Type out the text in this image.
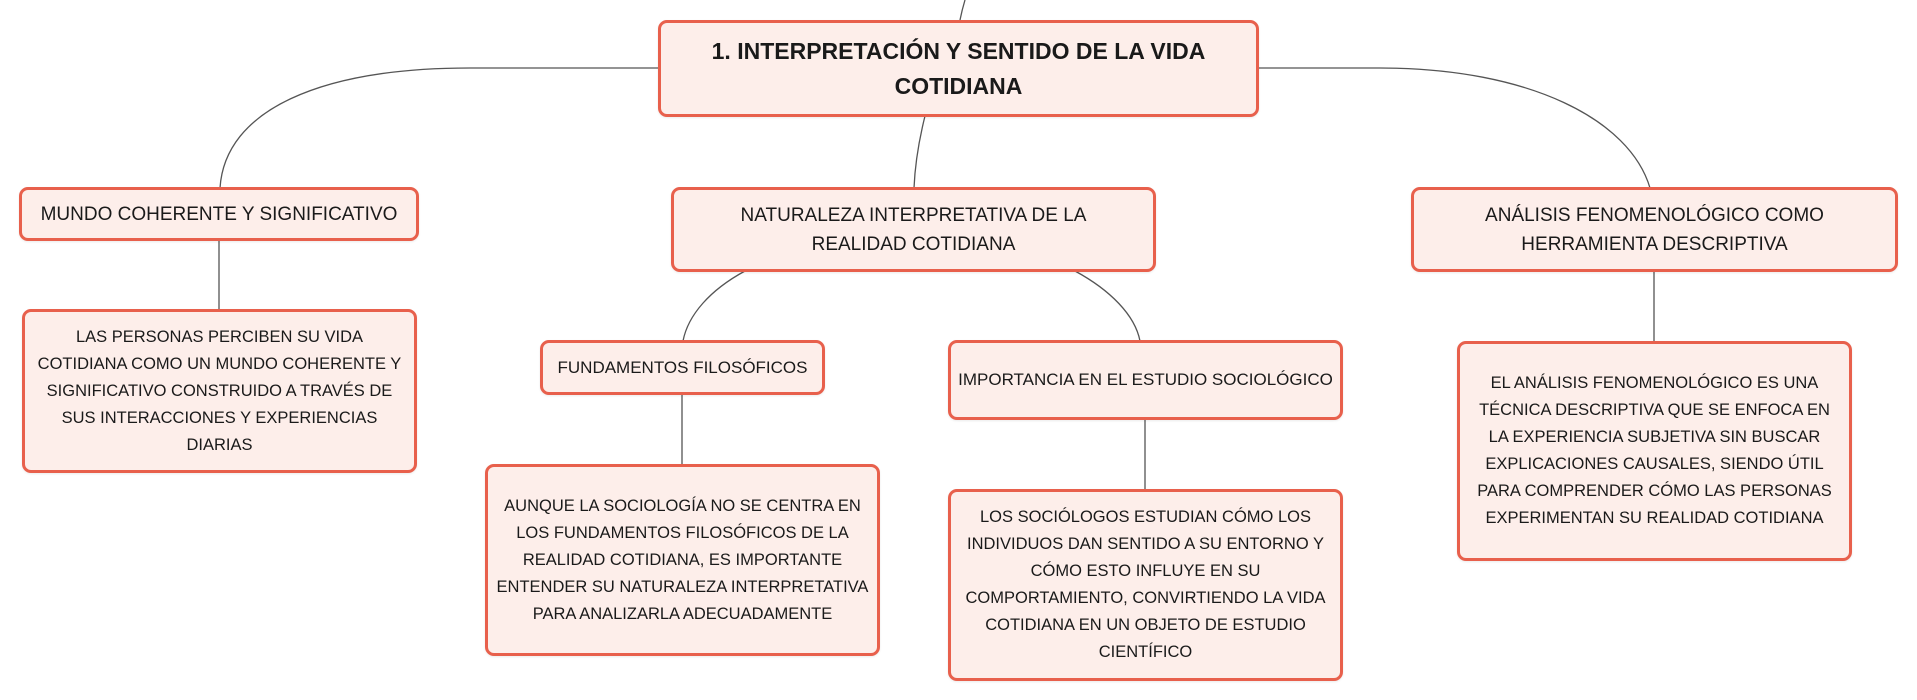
1. INTERPRETACIÓN Y SENTIDO DE LA VIDA COTIDIANA
MUNDO COHERENTE Y SIGNIFICATIVO
LAS PERSONAS PERCIBEN SU VIDA COTIDIANA COMO UN MUNDO COHERENTE Y SIGNIFICATIVO CONSTRUIDO A TRAVÉS DE SUS INTERACCIONES Y EXPERIENCIAS DIARIAS
NATURALEZA INTERPRETATIVA DE LA REALIDAD COTIDIANA
FUNDAMENTOS FILOSÓFICOS
AUNQUE LA SOCIOLOGÍA NO SE CENTRA EN LOS FUNDAMENTOS FILOSÓFICOS DE LA REALIDAD COTIDIANA, ES IMPORTANTE ENTENDER SU NATURALEZA INTERPRETATIVA PARA ANALIZARLA ADECUADAMENTE
IMPORTANCIA EN EL ESTUDIO SOCIOLÓGICO
LOS SOCIÓLOGOS ESTUDIAN CÓMO LOS INDIVIDUOS DAN SENTIDO A SU ENTORNO Y CÓMO ESTO INFLUYE EN SU COMPORTAMIENTO, CONVIRTIENDO LA VIDA COTIDIANA EN UN OBJETO DE ESTUDIO CIENTÍFICO
ANÁLISIS FENOMENOLÓGICO COMO HERRAMIENTA DESCRIPTIVA
EL ANÁLISIS FENOMENOLÓGICO ES UNA TÉCNICA DESCRIPTIVA QUE SE ENFOCA EN LA EXPERIENCIA SUBJETIVA SIN BUSCAR EXPLICACIONES CAUSALES, SIENDO ÚTIL PARA COMPRENDER CÓMO LAS PERSONAS EXPERIMENTAN SU REALIDAD COTIDIANA
